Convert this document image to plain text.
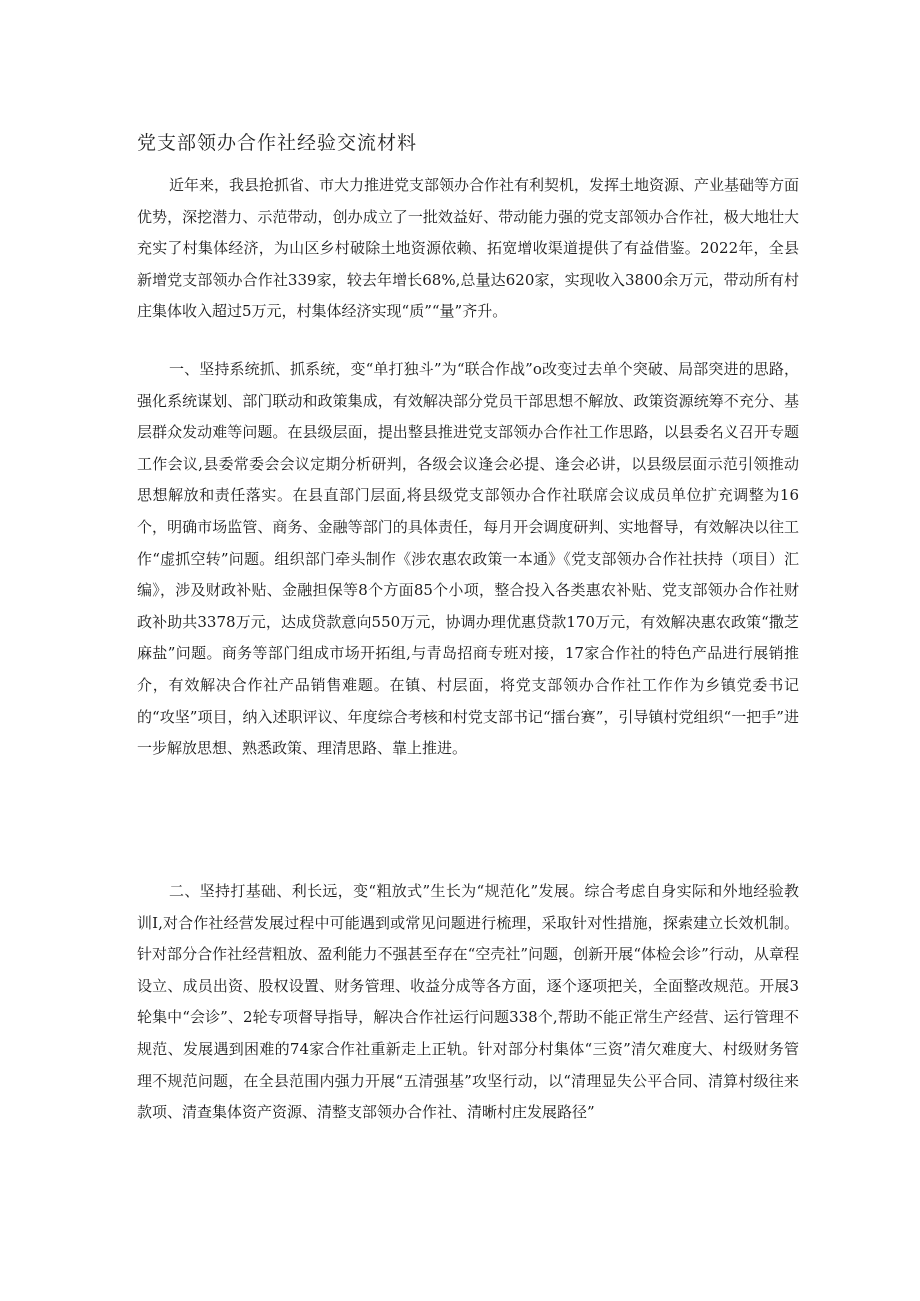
党支部领办合作社经验交流材料

近年来，我县抢抓省、市大力推进党支部领办合作社有利契机，发挥土地资源、产业基础等方面优势，深挖潜力、示范带动，创办成立了一批效益好、带动能力强的党支部领办合作社，极大地壮大充实了村集体经济，为山区乡村破除土地资源依赖、拓宽增收渠道提供了有益借鉴。2022年，全县新增党支部领办合作社339家，较去年增长68%,总量达620家，实现收入3800余万元，带动所有村庄集体收入超过5万元，村集体经济实现“质”“量”齐升。

一、坚持系统抓、抓系统，变“单打独斗”为“联合作战”o改变过去单个突破、局部突进的思路，强化系统谋划、部门联动和政策集成，有效解决部分党员干部思想不解放、政策资源统筹不充分、基层群众发动难等问题。在县级层面，提出整县推进党支部领办合作社工作思路，以县委名义召开专题工作会议,县委常委会会议定期分析研判，各级会议逢会必提、逢会必讲，以县级层面示范引领推动思想解放和责任落实。在县直部门层面,将县级党支部领办合作社联席会议成员单位扩充调整为16个，明确市场监管、商务、金融等部门的具体责任，每月开会调度研判、实地督导，有效解决以往工作“虚抓空转”问题。组织部门牵头制作《涉农惠农政策一本通》《党支部领办合作社扶持（项目）汇编》，涉及财政补贴、金融担保等8个方面85个小项，整合投入各类惠农补贴、党支部领办合作社财政补助共3378万元，达成贷款意向550万元，协调办理优惠贷款170万元，有效解决惠农政策“撒芝麻盐”问题。商务等部门组成市场开拓组,与青岛招商专班对接，17家合作社的特色产品进行展销推介，有效解决合作社产品销售难题。在镇、村层面，将党支部领办合作社工作作为乡镇党委书记的“攻坚”项目，纳入述职评议、年度综合考核和村党支部书记“擂台赛”，引导镇村党组织“一把手”进一步解放思想、熟悉政策、理清思路、靠上推进。

二、坚持打基础、利长远，变“粗放式”生长为“规范化”发展。综合考虑自身实际和外地经验教训I,对合作社经营发展过程中可能遇到或常见问题进行梳理，采取针对性措施，探索建立长效机制。针对部分合作社经营粗放、盈利能力不强甚至存在“空壳社”问题，创新开展“体检会诊”行动，从章程设立、成员出资、股权设置、财务管理、收益分成等各方面，逐个逐项把关，全面整改规范。开展3轮集中“会诊”、2轮专项督导指导，解决合作社运行问题338个,帮助不能正常生产经营、运行管理不规范、发展遇到困难的74家合作社重新走上正轨。针对部分村集体“三资”清欠难度大、村级财务管理不规范问题，在全县范围内强力开展“五清强基”攻坚行动，以“清理显失公平合同、清算村级往来款项、清查集体资产资源、清整支部领办合作社、清晰村庄发展路径”
